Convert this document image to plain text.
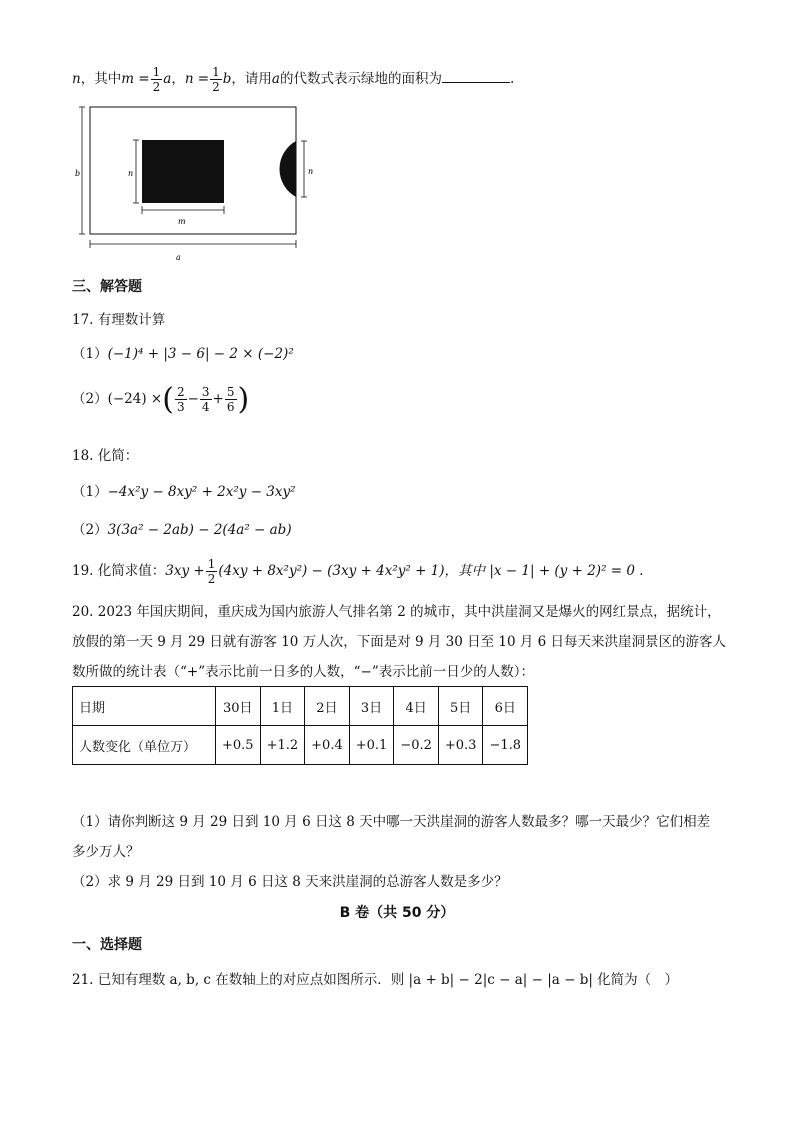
n，其中$m = \frac{1}{2}$ a，$n = \frac{1}{2}$ b，请用a的代数式表示绿地的面积为	.
b	n
m
n
a
三、解答题
17. 有理数计算
（1）(−1)⁴ + |3 − 6| − 2 × (−2)²
（2）(−24) ×( $\frac{2}{3} - \frac{3}{4} + \frac{5}{6}$ )
18. 化简：
（1）−4x²y − 8xy² + 2x²y − 3xy²
（2）3(3a² − 2ab) − 2(4a² − ab)
19. 化简求值：$3xy + \frac{1}{2} (4xy + 8x^2y^2) - (3xy + 4x^2y^2 + 1)$，其中 |x − 1| + (y + 2)² = 0 .
20. 2023 年国庆期间，重庆成为国内旅游人气排名第 2 的城市，其中洪崖洞又是爆火的网红景点，据统计，
放假的第一天 9 月 29 日就有游客 10 万人次，下面是对 9 月 30 日至 10 月 6 日每天来洪崖洞景区的游客人
数所做的统计表（“+”表示比前一日多的人数，“−”表示比前一日少的人数）：
日期	30日	1日	2日	3日	4日	5日	6日
人数变化（单位万）	+0.5	+1.2	+0.4	+0.1	−0.2	+0.3	−1.8
（1）请你判断这 9 月 29 日到 10 月 6 日这 8 天中哪一天洪崖洞的游客人数最多？哪一天最少？它们相差
多少万人？
（2）求 9 月 29 日到 10 月 6 日这 8 天来洪崖洞的总游客人数是多少？
B 卷（共 50 分）
一、选择题
21. 已知有理数 a, b, c 在数轴上的对应点如图所示．则 |a + b| − 2|c − a| − |a − b| 化简为（　）
